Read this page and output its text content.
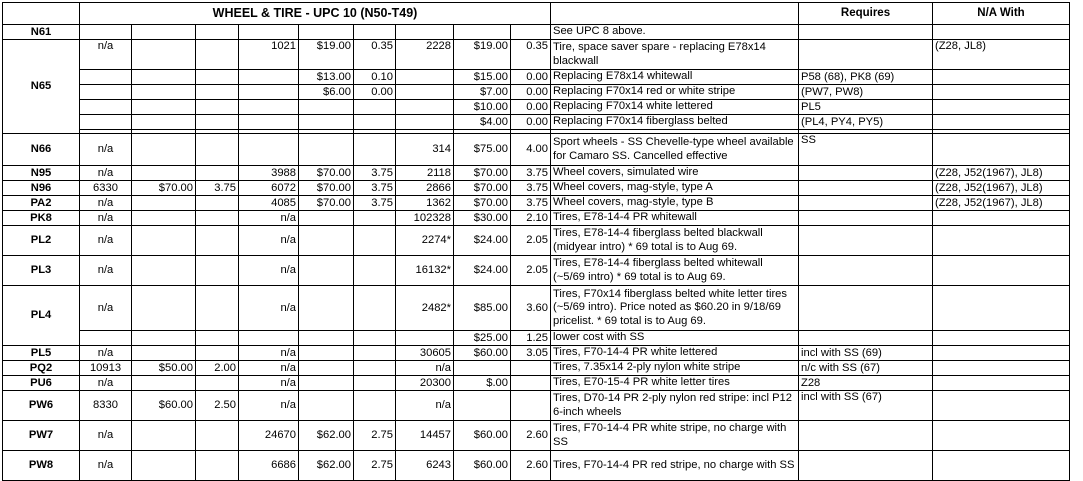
	WHEEL & TIRE - UPC 10 (N50-T49)										Requires	N/A With
N61										See UPC 8 above.		
N65	n/a			1021	$19.00	0.35	2228	$19.00	0.35	Tire, space saver spare - replacing E78x14 blackwall		(Z28, JL8)
					$13.00	0.10		$15.00	0.00	Replacing E78x14 whitewall	P58 (68), PK8 (69)	
					$6.00	0.00		$7.00	0.00	Replacing F70x14 red or white stripe	(PW7, PW8)	
								$10.00	0.00	Replacing F70x14 white lettered	PL5	
								$4.00	0.00	Replacing F70x14 fiberglass belted	(PL4, PY4, PY5)	

N66	n/a						314	$75.00	4.00	Sport wheels - SS Chevelle-type wheel available for Camaro SS. Cancelled effective	SS	
N95	n/a			3988	$70.00	3.75	2118	$70.00	3.75	Wheel covers, simulated wire		(Z28, J52(1967), JL8)
N96	6330	$70.00	3.75	6072	$70.00	3.75	2866	$70.00	3.75	Wheel covers, mag-style, type A		(Z28, J52(1967), JL8)
PA2	n/a			4085	$70.00	3.75	1362	$70.00	3.75	Wheel covers, mag-style, type B		(Z28, J52(1967), JL8)
PK8	n/a			n/a			102328	$30.00	2.10	Tires, E78-14-4 PR whitewall		
PL2	n/a			n/a			2274*	$24.00	2.05	Tires, E78-14-4 fiberglass belted blackwall (midyear intro) * 69 total is to Aug 69.		
PL3	n/a			n/a			16132*	$24.00	2.05	Tires, E78-14-4 fiberglass belted whitewall (~5/69 intro) * 69 total is to Aug 69.		
PL4	n/a			n/a			2482*	$85.00	3.60	Tires, F70x14 fiberglass belted white letter tires (~5/69 intro). Price noted as $60.20 in 9/18/69 pricelist. * 69 total is to Aug 69.		
								$25.00	1.25	lower cost with SS		
PL5	n/a			n/a			30605	$60.00	3.05	Tires, F70-14-4 PR white lettered	incl with SS (69)	
PQ2	10913	$50.00	2.00	n/a			n/a			Tires, 7.35x14 2-ply nylon white stripe	n/c with SS (67)	
PU6	n/a			n/a			20300	$.00		Tires, E70-15-4 PR white letter tires	Z28	
PW6	8330	$60.00	2.50	n/a			n/a			Tires, D70-14 PR 2-ply nylon red stripe: incl P12 6-inch wheels	incl with SS (67)	
PW7	n/a			24670	$62.00	2.75	14457	$60.00	2.60	Tires, F70-14-4 PR white stripe, no charge with SS		
PW8	n/a			6686	$62.00	2.75	6243	$60.00	2.60	Tires, F70-14-4 PR red stripe, no charge with SS		
